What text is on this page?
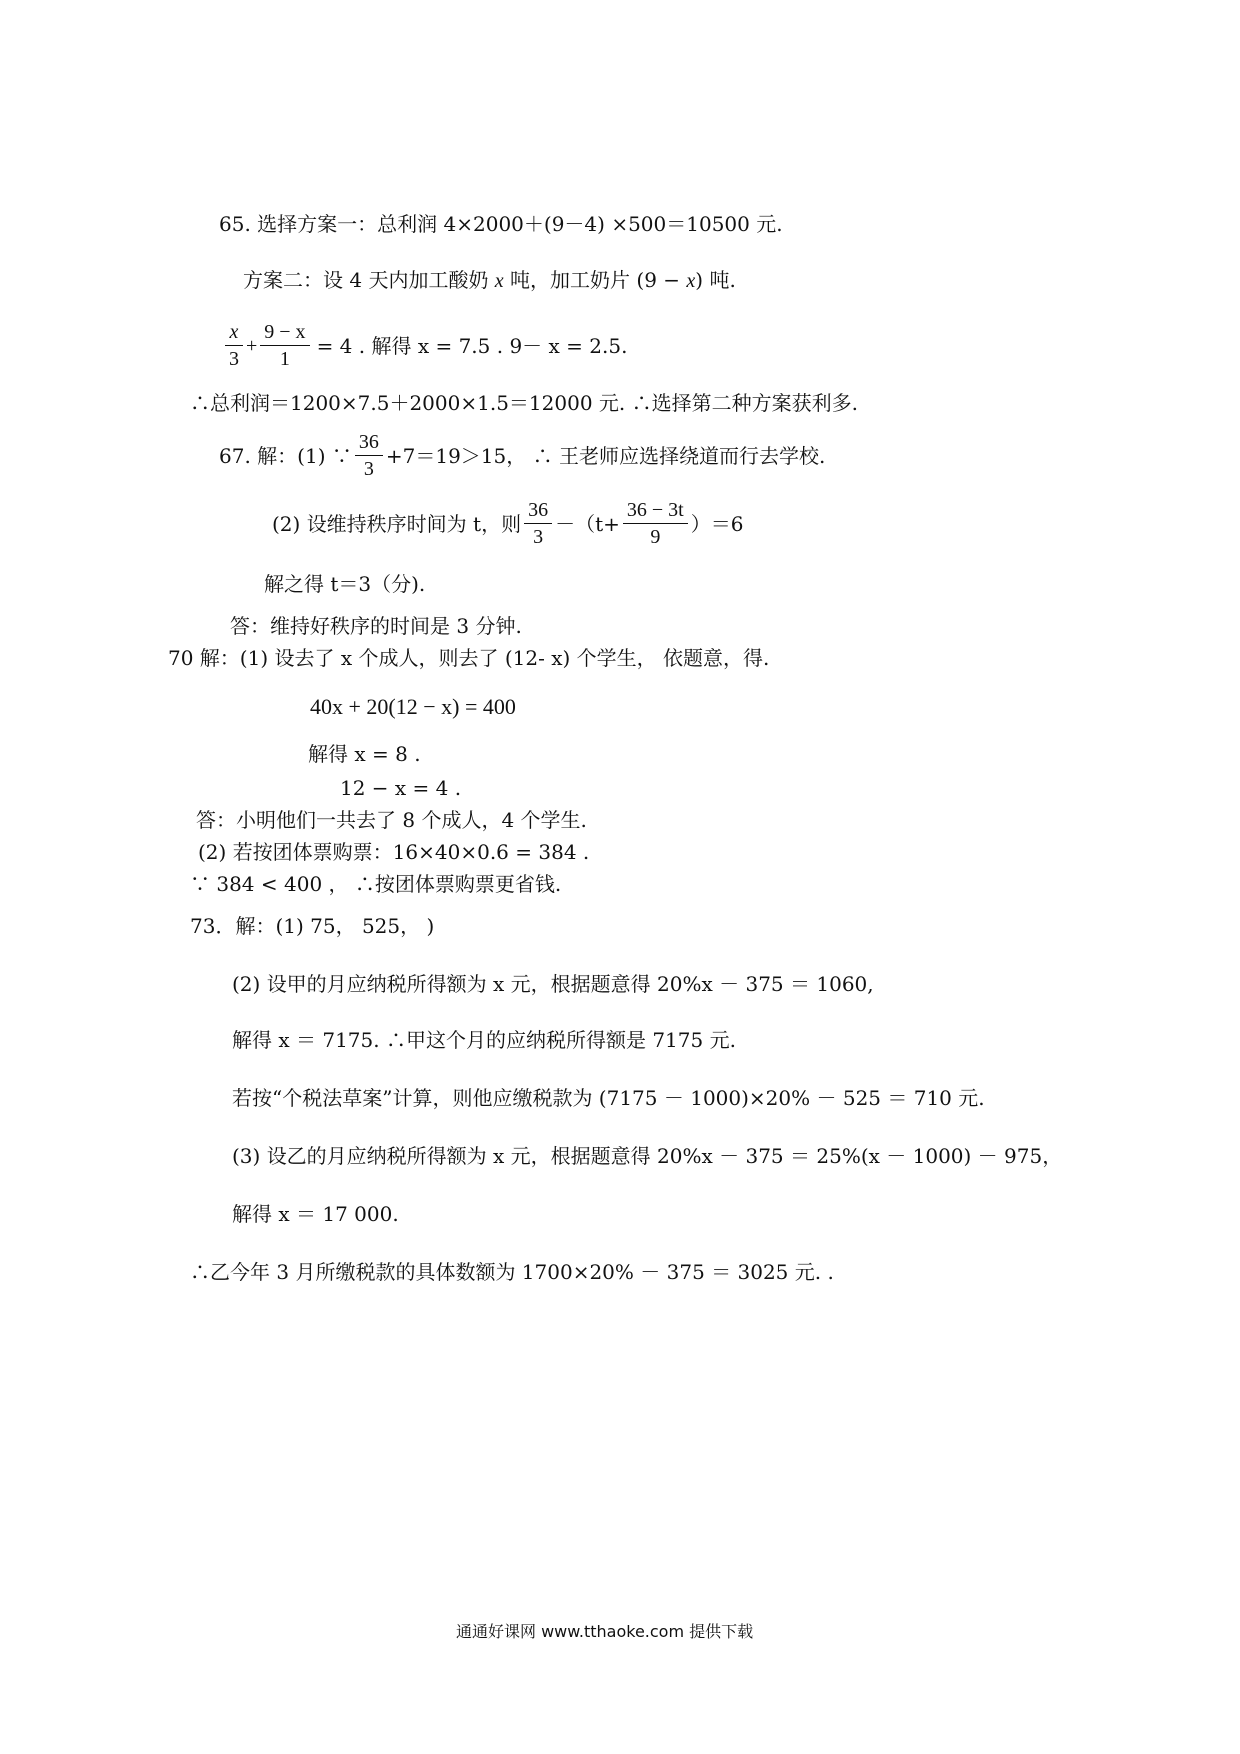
65. 选择方案一：总利润 4×2000＋(9－4) ×500＝10500 元.
方案二：设 4 天内加工酸奶 x 吨，加工奶片 (9 − x) 吨.
$\frac{x}{3} + \frac{9 - x}{1} = 4$ . 解得 x = 7.5 . 9－ x = 2.5.
∴总利润＝1200×7.5＋2000×1.5＝12000 元. ∴选择第二种方案获利多.
67. 解：(1) ∵ $\frac{36}{3} +7=19>15$， ∴ 王老师应选择绕道而行去学校.
(2) 设维持秩序时间为 t，则 $\frac{36}{3} -(t+ \frac{36 - 3t}{9} )=6$
解之得 t＝3（分).
答：维持好秩序的时间是 3 分钟.
70 解：(1) 设去了 x 个成人，则去了 (12- x) 个学生， 依题意，得.
40x + 20(12 − x) = 400
解得 x = 8 .
12 − x = 4 .
答：小明他们一共去了 8 个成人，4 个学生.
(2) 若按团体票购票：16×40×0.6 = 384 .
∵ 384 < 400 ， ∴按团体票购票更省钱.
73．解：(1) 75， 525， )
(2) 设甲的月应纳税所得额为 x 元，根据题意得 20%x － 375 ＝ 1060,
解得 x ＝ 7175. ∴甲这个月的应纳税所得额是 7175 元.
若按“个税法草案”计算，则他应缴税款为 (7175 － 1000)×20% － 525 ＝ 710 元.
(3) 设乙的月应纳税所得额为 x 元，根据题意得 20%x － 375 ＝ 25%(x － 1000) － 975，
解得 x ＝ 17 000.
∴乙今年 3 月所缴税款的具体数额为 1700×20% － 375 ＝ 3025 元. .
通通好课网 www.tthaoke.com 提供下载
